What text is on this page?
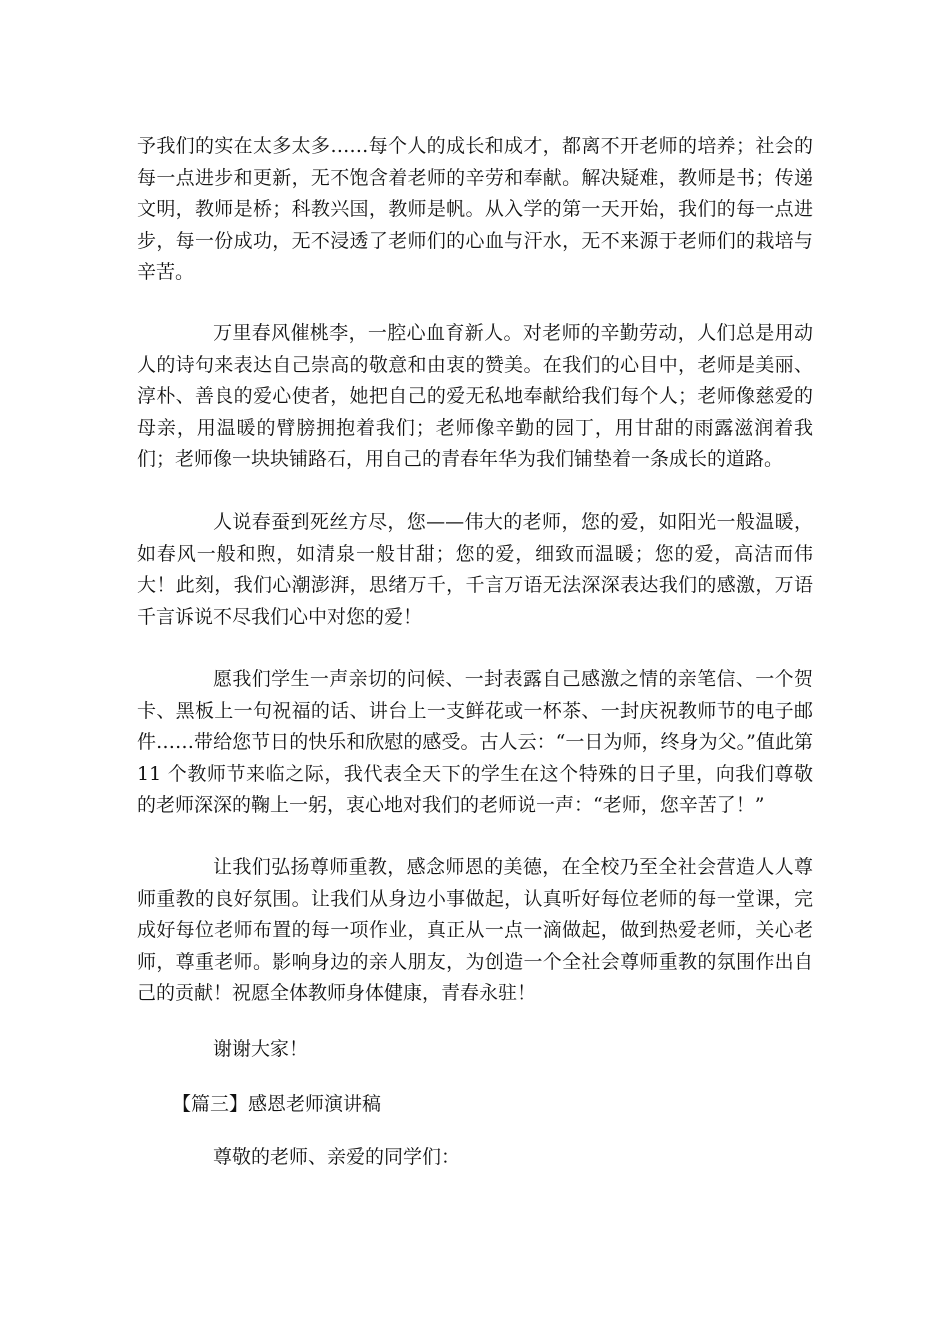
予我们的实在太多太多……每个人的成长和成才，都离不开老师的培养；社会的每一点进步和更新，无不饱含着老师的辛劳和奉献。解决疑难，教师是书；传递文明，教师是桥；科教兴国，教师是帆。从入学的第一天开始，我们的每一点进步，每一份成功，无不浸透了老师们的心血与汗水，无不来源于老师们的栽培与辛苦。

万里春风催桃李，一腔心血育新人。对老师的辛勤劳动，人们总是用动人的诗句来表达自己崇高的敬意和由衷的赞美。在我们的心目中，老师是美丽、淳朴、善良的爱心使者，她把自己的爱无私地奉献给我们每个人；老师像慈爱的母亲，用温暖的臂膀拥抱着我们；老师像辛勤的园丁，用甘甜的雨露滋润着我们；老师像一块块铺路石，用自己的青春年华为我们铺垫着一条成长的道路。

人说春蚕到死丝方尽，您——伟大的老师，您的爱，如阳光一般温暖，如春风一般和煦，如清泉一般甘甜；您的爱，细致而温暖；您的爱，高洁而伟大！此刻，我们心潮澎湃，思绪万千，千言万语无法深深表达我们的感激，万语千言诉说不尽我们心中对您的爱！

愿我们学生一声亲切的问候、一封表露自己感激之情的亲笔信、一个贺卡、黑板上一句祝福的话、讲台上一支鲜花或一杯茶、一封庆祝教师节的电子邮件……带给您节日的快乐和欣慰的感受。古人云：“一日为师，终身为父。”值此第 11 个教师节来临之际，我代表全天下的学生在这个特殊的日子里，向我们尊敬的老师深深的鞠上一躬，衷心地对我们的老师说一声：“老师，您辛苦了！”

让我们弘扬尊师重教，感念师恩的美德，在全校乃至全社会营造人人尊师重教的良好氛围。让我们从身边小事做起，认真听好每位老师的每一堂课，完成好每位老师布置的每一项作业，真正从一点一滴做起，做到热爱老师，关心老师，尊重老师。影响身边的亲人朋友，为创造一个全社会尊师重教的氛围作出自己的贡献！祝愿全体教师身体健康，青春永驻！

谢谢大家！

【篇三】感恩老师演讲稿

尊敬的老师、亲爱的同学们：
